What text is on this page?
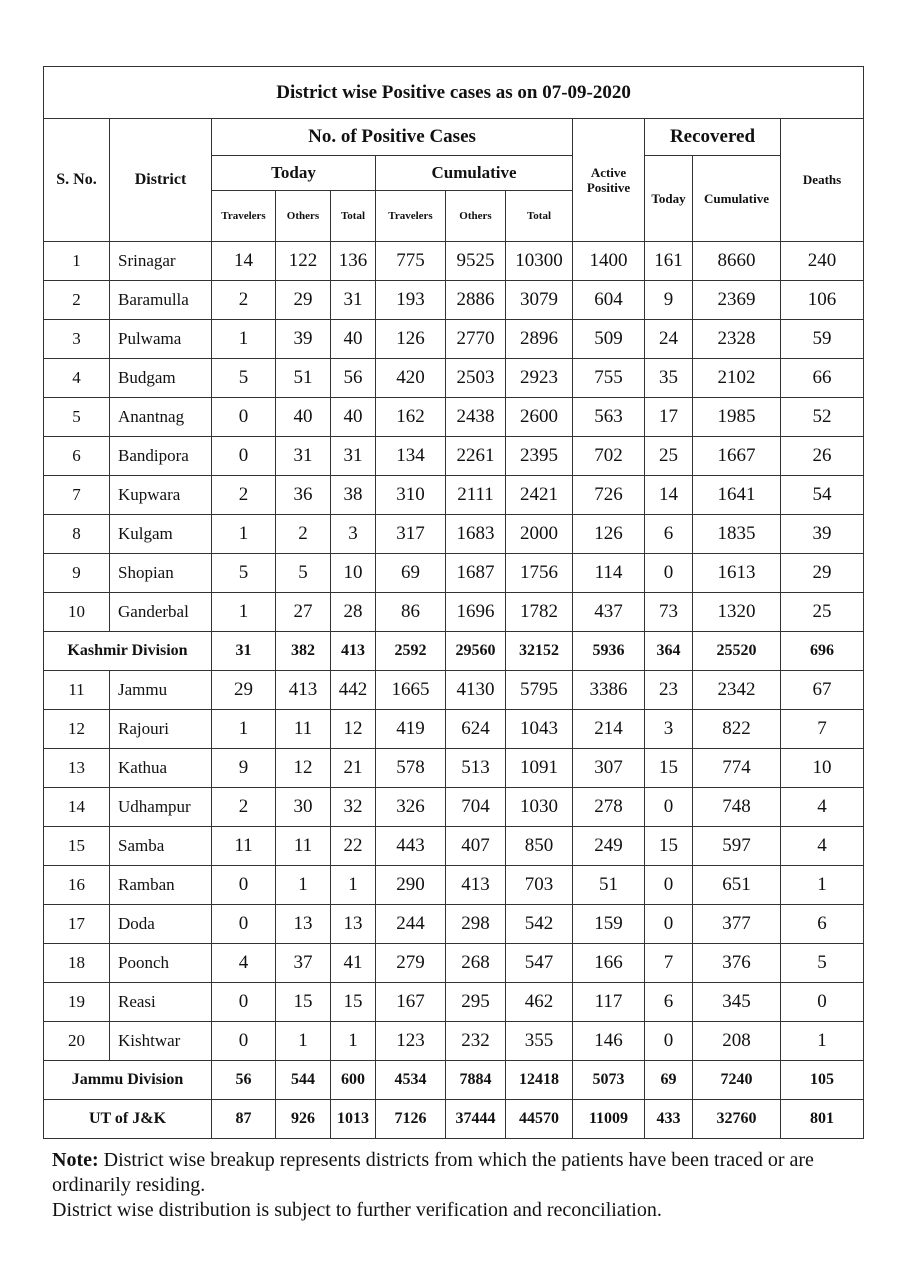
District wise Positive cases as on 07-09-2020											
S. No.	District	No. of Positive Cases						Active Positive	Recovered		Deaths
		Today			Cumulative				Today	Cumulative	
		Travelers	Others	Total	Travelers	Others	Total				
1	Srinagar	14	122	136	775	9525	10300	1400	161	8660	240
2	Baramulla	2	29	31	193	2886	3079	604	9	2369	106
3	Pulwama	1	39	40	126	2770	2896	509	24	2328	59
4	Budgam	5	51	56	420	2503	2923	755	35	2102	66
5	Anantnag	0	40	40	162	2438	2600	563	17	1985	52
6	Bandipora	0	31	31	134	2261	2395	702	25	1667	26
7	Kupwara	2	36	38	310	2111	2421	726	14	1641	54
8	Kulgam	1	2	3	317	1683	2000	126	6	1835	39
9	Shopian	5	5	10	69	1687	1756	114	0	1613	29
10	Ganderbal	1	27	28	86	1696	1782	437	73	1320	25
Kashmir Division		31	382	413	2592	29560	32152	5936	364	25520	696
11	Jammu	29	413	442	1665	4130	5795	3386	23	2342	67
12	Rajouri	1	11	12	419	624	1043	214	3	822	7
13	Kathua	9	12	21	578	513	1091	307	15	774	10
14	Udhampur	2	30	32	326	704	1030	278	0	748	4
15	Samba	11	11	22	443	407	850	249	15	597	4
16	Ramban	0	1	1	290	413	703	51	0	651	1
17	Doda	0	13	13	244	298	542	159	0	377	6
18	Poonch	4	37	41	279	268	547	166	7	376	5
19	Reasi	0	15	15	167	295	462	117	6	345	0
20	Kishtwar	0	1	1	123	232	355	146	0	208	1
Jammu Division		56	544	600	4534	7884	12418	5073	69	7240	105
UT of J&K		87	926	1013	7126	37444	44570	11009	433	32760	801

Note: District wise breakup represents districts from which the patients have been traced or are ordinarily residing.

District wise distribution is subject to further verification and reconciliation.
